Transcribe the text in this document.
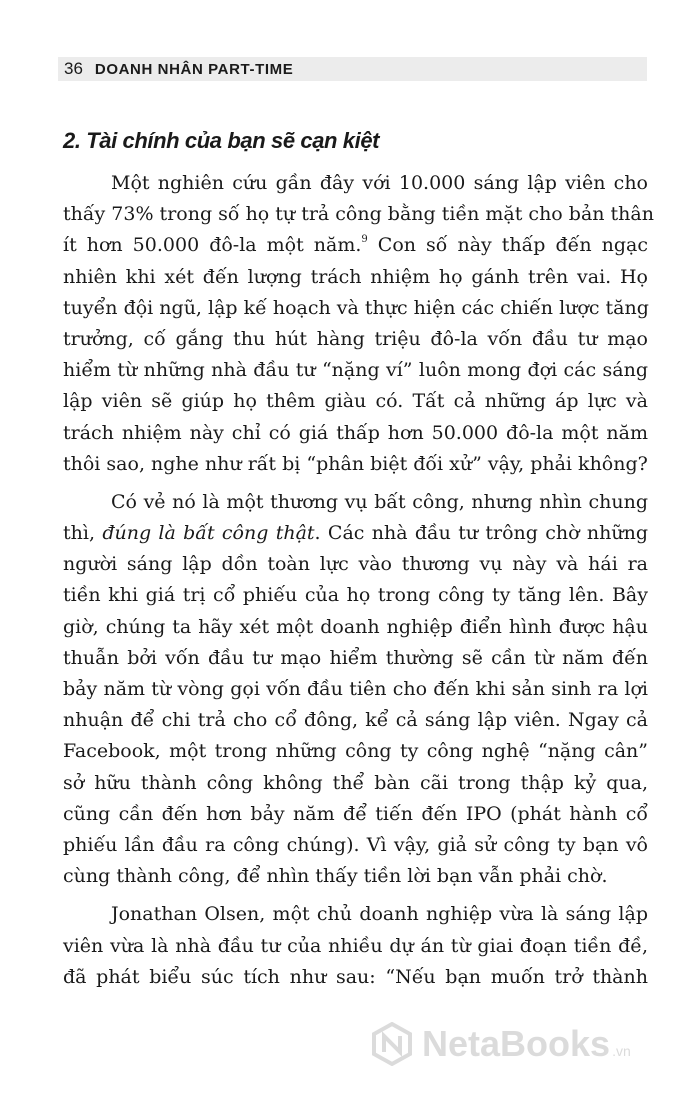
36 DOANH NHÂN PART-TIME
2. Tài chính của bạn sẽ cạn kiệt
Một nghiên cứu gần đây với 10.000 sáng lập viên cho
thấy 73% trong số họ tự trả công bằng tiền mặt cho bản thân
ít hơn 50.000 đô-la một năm.$^9$ Con số này thấp đến ngạc
nhiên khi xét đến lượng trách nhiệm họ gánh trên vai. Họ
tuyển đội ngũ, lập kế hoạch và thực hiện các chiến lược tăng
trưởng, cố gắng thu hút hàng triệu đô-la vốn đầu tư mạo
hiểm từ những nhà đầu tư “nặng ví” luôn mong đợi các sáng
lập viên sẽ giúp họ thêm giàu có. Tất cả những áp lực và
trách nhiệm này chỉ có giá thấp hơn 50.000 đô-la một năm
thôi sao, nghe như rất bị “phân biệt đối xử” vậy, phải không?
Có vẻ nó là một thương vụ bất công, nhưng nhìn chung
thì, đúng là bất công thật. Các nhà đầu tư trông chờ những
người sáng lập dồn toàn lực vào thương vụ này và hái ra
tiền khi giá trị cổ phiếu của họ trong công ty tăng lên. Bây
giờ, chúng ta hãy xét một doanh nghiệp điển hình được hậu
thuẫn bởi vốn đầu tư mạo hiểm thường sẽ cần từ năm đến
bảy năm từ vòng gọi vốn đầu tiên cho đến khi sản sinh ra lợi
nhuận để chi trả cho cổ đông, kể cả sáng lập viên. Ngay cả
Facebook, một trong những công ty công nghệ “nặng cân”
sở hữu thành công không thể bàn cãi trong thập kỷ qua,
cũng cần đến hơn bảy năm để tiến đến IPO (phát hành cổ
phiếu lần đầu ra công chúng). Vì vậy, giả sử công ty bạn vô
cùng thành công, để nhìn thấy tiền lời bạn vẫn phải chờ.
Jonathan Olsen, một chủ doanh nghiệp vừa là sáng lập
viên vừa là nhà đầu tư của nhiều dự án từ giai đoạn tiền đề,
đã phát biểu súc tích như sau: “Nếu bạn muốn trở thành
NetaBooks .vn
